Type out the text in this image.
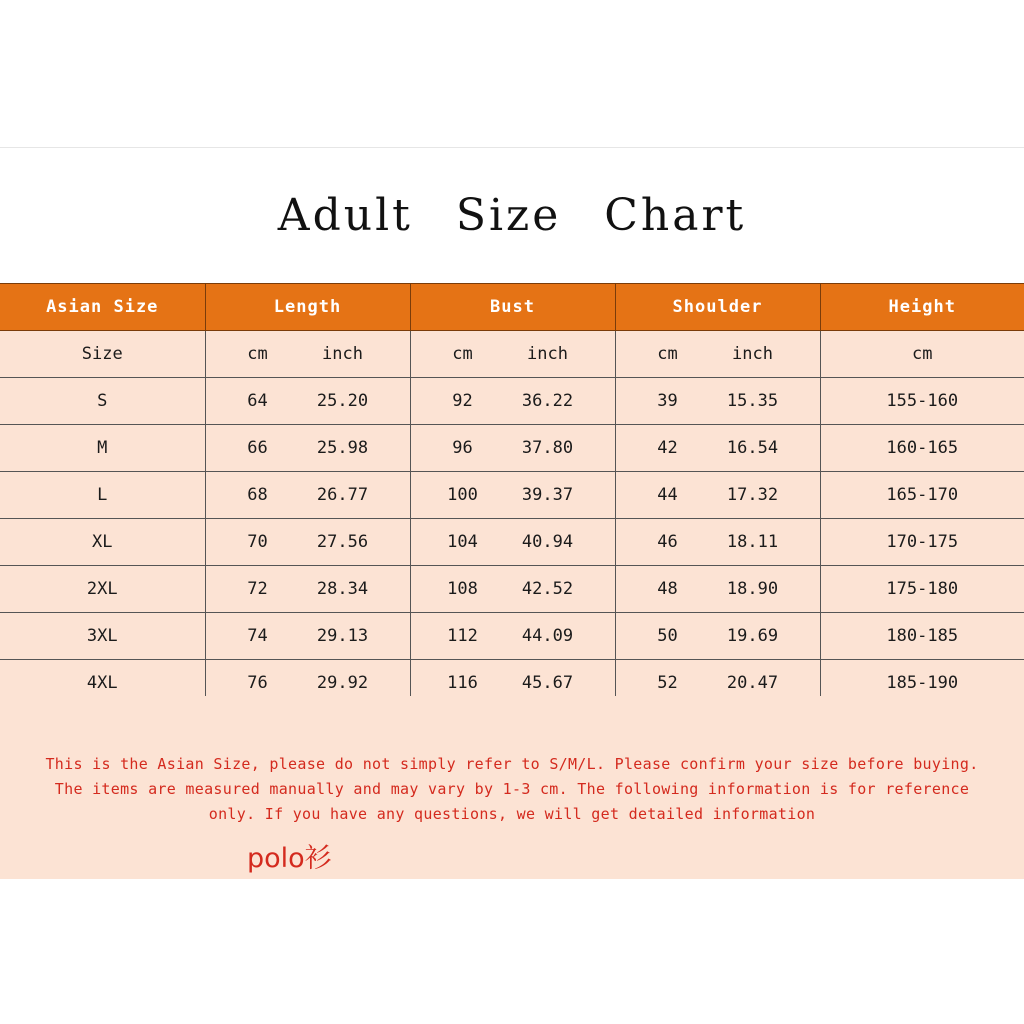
Adult Size Chart
Asian Size	Length	Bust	Shoulder	Height
Size	cm inch	cm inch	cm inch	cm
S	64 25.20	92 36.22	39 15.35	155-160
M	66 25.98	96 37.80	42 16.54	160-165
L	68 26.77	100 39.37	44 17.32	165-170
XL	70 27.56	104 40.94	46 18.11	170-175
2XL	72 28.34	108 42.52	48 18.90	175-180
3XL	74 29.13	112 44.09	50 19.69	180-185
4XL	76 29.92	116 45.67	52 20.47	185-190
This is the Asian Size, please do not simply refer to S/M/L. Please confirm your size before buying.
The items are measured manually and may vary by 1-3 cm. The following information is for reference
only. If you have any questions, we will get detailed information
polo衫
